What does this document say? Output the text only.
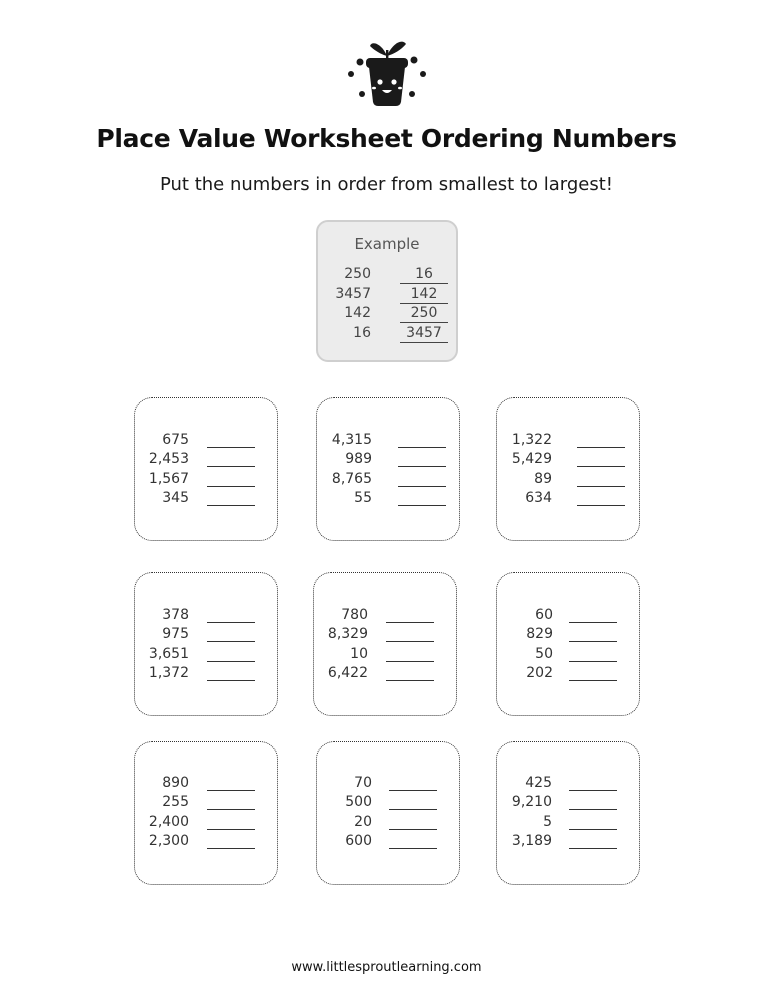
Place Value Worksheet Ordering Numbers
Put the numbers in order from smallest to largest!
Example
250	16
3457	142
142	250
16	3457
675
2,453
1,567
345
4,315
989
8,765
55
1,322
5,429
89
634
378
975
3,651
1,372
780
8,329
10
6,422
60
829
50
202
890
255
2,400
2,300
70
500
20
600
425
9,210
5
3,189
www.littlesproutlearning.com
